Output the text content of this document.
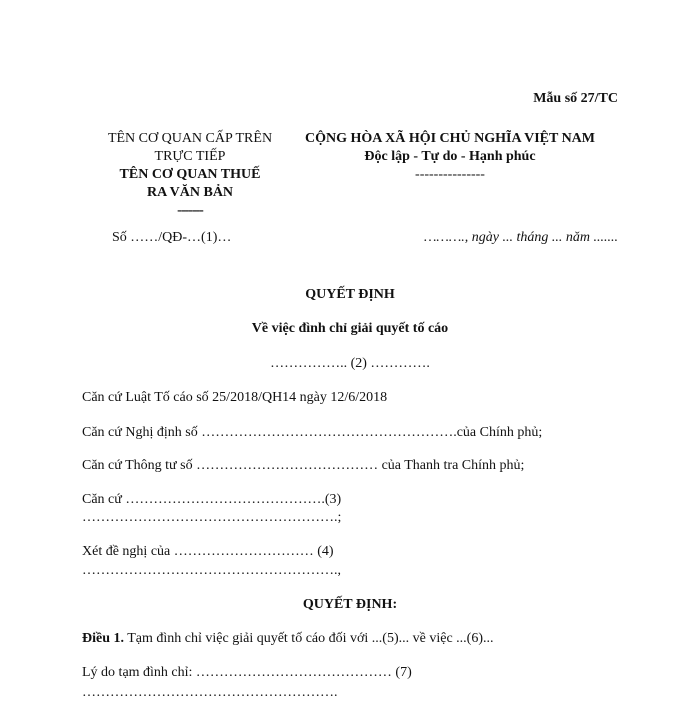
Mẫu số 27/TC
TÊN CƠ QUAN CẤP TRÊN
TRỰC TIẾP
TÊN CƠ QUAN THUẾ
RA VĂN BẢN
-------
CỘNG HÒA XÃ HỘI CHỦ NGHĨA VIỆT NAM
Độc lập - Tự do - Hạnh phúc
---------------
Số ……/QĐ-…(1)…	………., ngày ... tháng ... năm .......
QUYẾT ĐỊNH
Về việc đình chỉ giải quyết tố cáo
…………….. (2) ………….
Căn cứ Luật Tố cáo số 25/2018/QH14 ngày 12/6/2018
Căn cứ Nghị định số ……………………………………………….của Chính phủ;
Căn cứ Thông tư số ………………………………… của Thanh tra Chính phủ;
Căn cứ …………………………………….(3)
……………………………………………….;
Xét đề nghị của ………………………… (4)
……………………………………………….,
QUYẾT ĐỊNH:
Điều 1. Tạm đình chỉ việc giải quyết tố cáo đối với ...(5)... về việc ...(6)...
Lý do tạm đình chỉ: …………………………………… (7)
……………………………………………….
